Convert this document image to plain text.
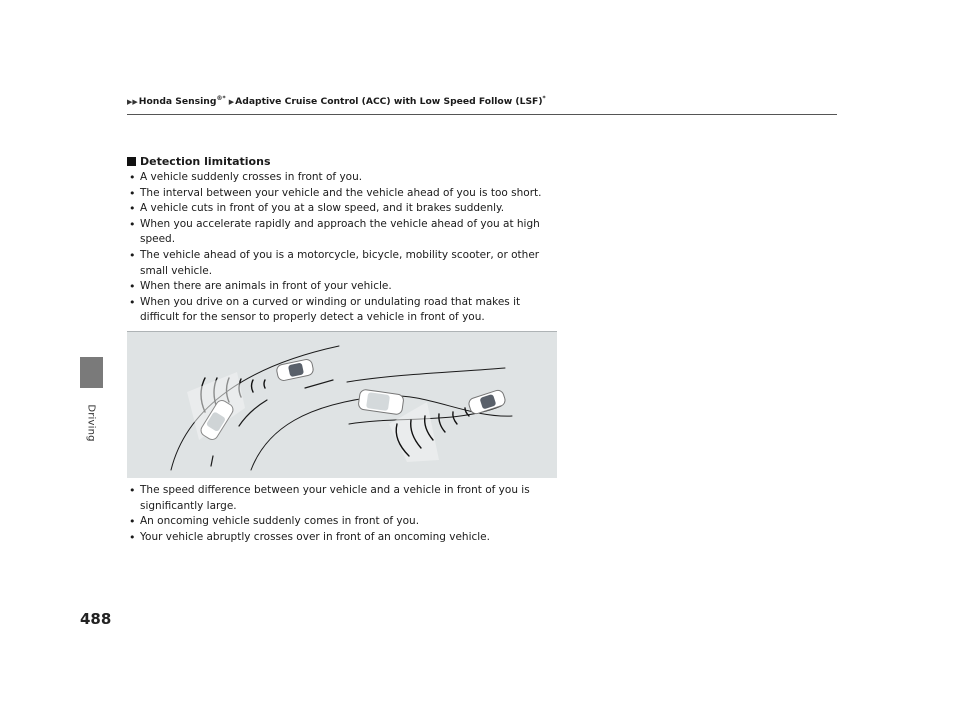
▶▶Honda Sensing®* ▶Adaptive Cruise Control (ACC) with Low Speed Follow (LSF)*
Detection limitations
• A vehicle suddenly crosses in front of you.
• The interval between your vehicle and the vehicle ahead of you is too short.
• A vehicle cuts in front of you at a slow speed, and it brakes suddenly.
• When you accelerate rapidly and approach the vehicle ahead of you at high speed.
• The vehicle ahead of you is a motorcycle, bicycle, mobility scooter, or other small vehicle.
• When there are animals in front of your vehicle.
• When you drive on a curved or winding or undulating road that makes it difficult for the sensor to properly detect a vehicle in front of you.
• The speed difference between your vehicle and a vehicle in front of you is significantly large.
• An oncoming vehicle suddenly comes in front of you.
• Your vehicle abruptly crosses over in front of an oncoming vehicle.
Driving
488
